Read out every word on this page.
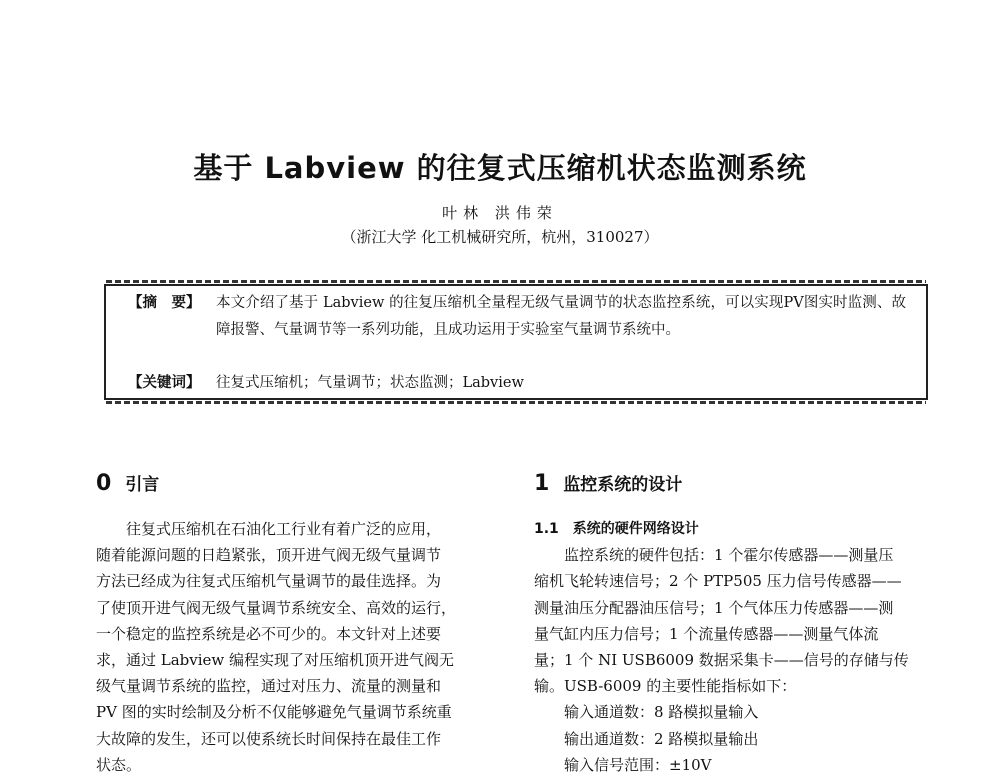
基于 Labview 的往复式压缩机状态监测系统
叶林 洪伟荣
（浙江大学 化工机械研究所，杭州，310027）
【摘　要】 本文介绍了基于 Labview 的往复压缩机全量程无级气量调节的状态监控系统，可以实现PV图实时监测、故障报警、气量调节等一系列功能，且成功运用于实验室气量调节系统中。
【关键词】 往复式压缩机；气量调节；状态监测；Labview
0 引言
往复式压缩机在石油化工行业有着广泛的应用，
随着能源问题的日趋紧张，顶开进气阀无级气量调节
方法已经成为往复式压缩机气量调节的最佳选择。为
了使顶开进气阀无级气量调节系统安全、高效的运行，
一个稳定的监控系统是必不可少的。本文针对上述要
求，通过 Labview 编程实现了对压缩机顶开进气阀无
级气量调节系统的监控，通过对压力、流量的测量和
PV 图的实时绘制及分析不仅能够避免气量调节系统重
大故障的发生，还可以使系统长时间保持在最佳工作
状态。
1 监控系统的设计
1.1　系统的硬件网络设计
监控系统的硬件包括：1 个霍尔传感器——测量压
缩机飞轮转速信号；2 个 PTP505 压力信号传感器——
测量油压分配器油压信号；1 个气体压力传感器——测
量气缸内压力信号；1 个流量传感器——测量气体流
量；1 个 NI USB6009 数据采集卡——信号的存储与传
输。USB-6009 的主要性能指标如下：
输入通道数：8 路模拟量输入
输出通道数：2 路模拟量输出
输入信号范围：±10V
